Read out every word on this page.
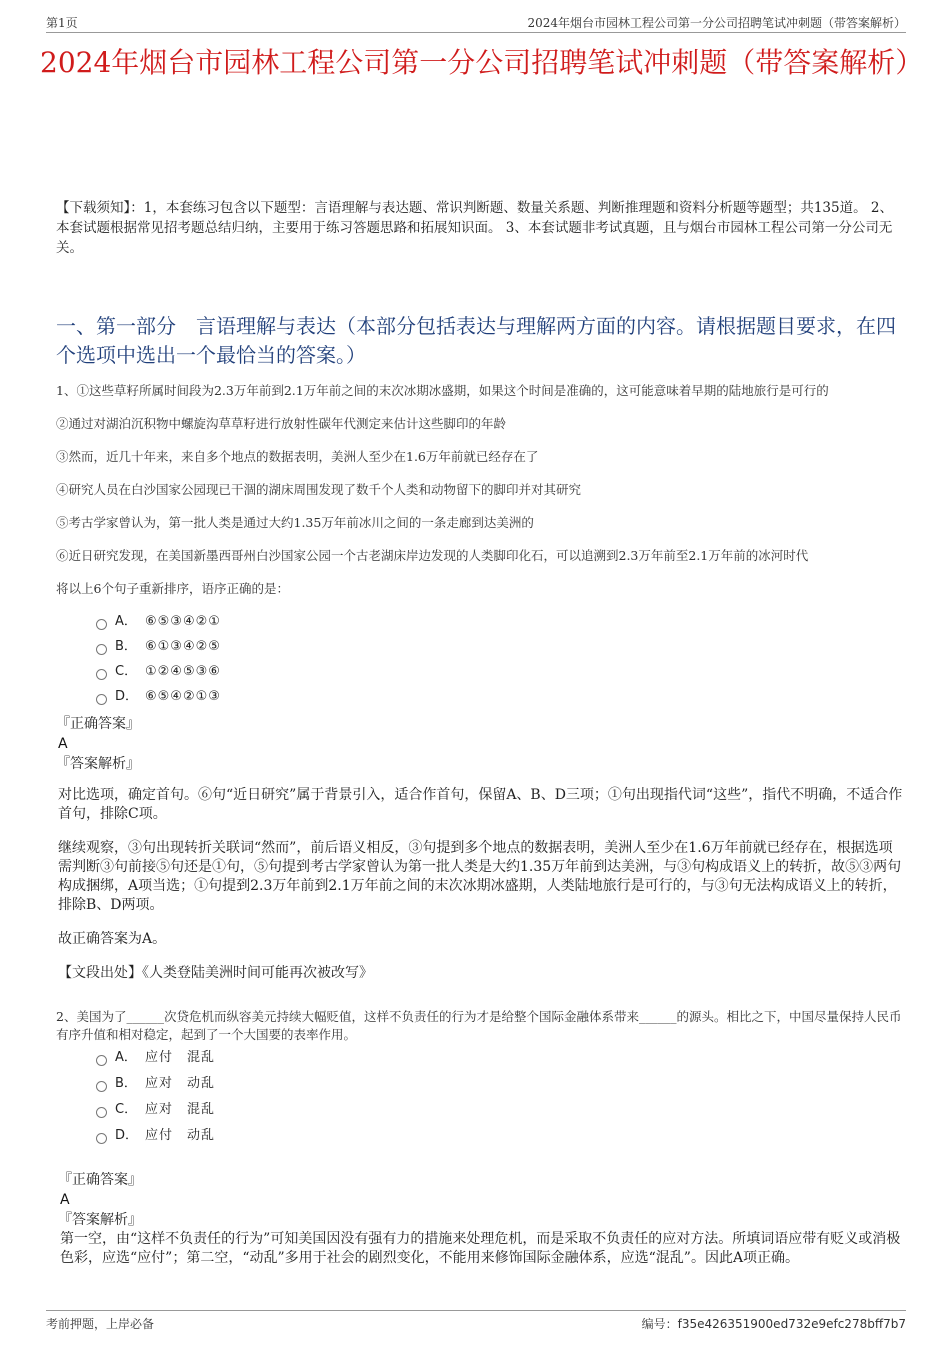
第1页	2024年烟台市园林工程公司第一分公司招聘笔试冲刺题（带答案解析）
2024年烟台市园林工程公司第一分公司招聘笔试冲刺题（带答案解析）

【下载须知】：1，本套练习包含以下题型：言语理解与表达题、常识判断题、数量关系题、判断推理题和资料分析题等题型；共135道。 2、本套试题根据常见招考题总结归纳，主要用于练习答题思路和拓展知识面。 3、本套试题非考试真题，且与烟台市园林工程公司第一分公司无关。

一、第一部分　言语理解与表达（本部分包括表达与理解两方面的内容。请根据题目要求，在四个选项中选出一个最恰当的答案。）

1、①这些草籽所属时间段为2.3万年前到2.1万年前之间的末次冰期冰盛期，如果这个时间是准确的，这可能意味着早期的陆地旅行是可行的

②通过对湖泊沉积物中螺旋沟草草籽进行放射性碳年代测定来估计这些脚印的年龄

③然而，近几十年来，来自多个地点的数据表明，美洲人至少在1.6万年前就已经存在了

④研究人员在白沙国家公园现已干涸的湖床周围发现了数千个人类和动物留下的脚印并对其研究

⑤考古学家曾认为，第一批人类是通过大约1.35万年前冰川之间的一条走廊到达美洲的

⑥近日研究发现，在美国新墨西哥州白沙国家公园一个古老湖床岸边发现的人类脚印化石，可以追溯到2.3万年前至2.1万年前的冰河时代

将以上6个句子重新排序，语序正确的是：

A． ⑥⑤③④②①
B． ⑥①③④②⑤
C． ①②④⑤③⑥
D． ⑥⑤④②①③

『正确答案』

A

『答案解析』

对比选项，确定首句。⑥句“近日研究”属于背景引入，适合作首句，保留A、B、D三项；①句出现指代词“这些”，指代不明确，不适合作首句，排除C项。

继续观察，③句出现转折关联词“然而”，前后语义相反，③句提到多个地点的数据表明，美洲人至少在1.6万年前就已经存在，根据选项需判断③句前接⑤句还是①句，⑤句提到考古学家曾认为第一批人类是大约1.35万年前到达美洲，与③句构成语义上的转折，故⑤③两句构成捆绑，A项当选；①句提到2.3万年前到2.1万年前之间的末次冰期冰盛期，人类陆地旅行是可行的，与③句无法构成语义上的转折，排除B、D两项。

故正确答案为A。

【文段出处】《人类登陆美洲时间可能再次被改写》

2、美国为了______次贷危机而纵容美元持续大幅贬值，这样不负责任的行为才是给整个国际金融体系带来______的源头。相比之下，中国尽量保持人民币有序升值和相对稳定，起到了一个大国要的表率作用。

A． 应付　混乱
B． 应对　动乱
C． 应对　混乱
D． 应付　动乱

『正确答案』

A

『答案解析』

第一空，由“这样不负责任的行为”可知美国因没有强有力的措施来处理危机，而是采取不负责任的应对方法。所填词语应带有贬义或消极色彩，应选“应付”；第二空，“动乱”多用于社会的剧烈变化，不能用来修饰国际金融体系，应选“混乱”。因此A项正确。

考前押题，上岸必备	编号：f35e426351900ed732e9efc278bff7b7
